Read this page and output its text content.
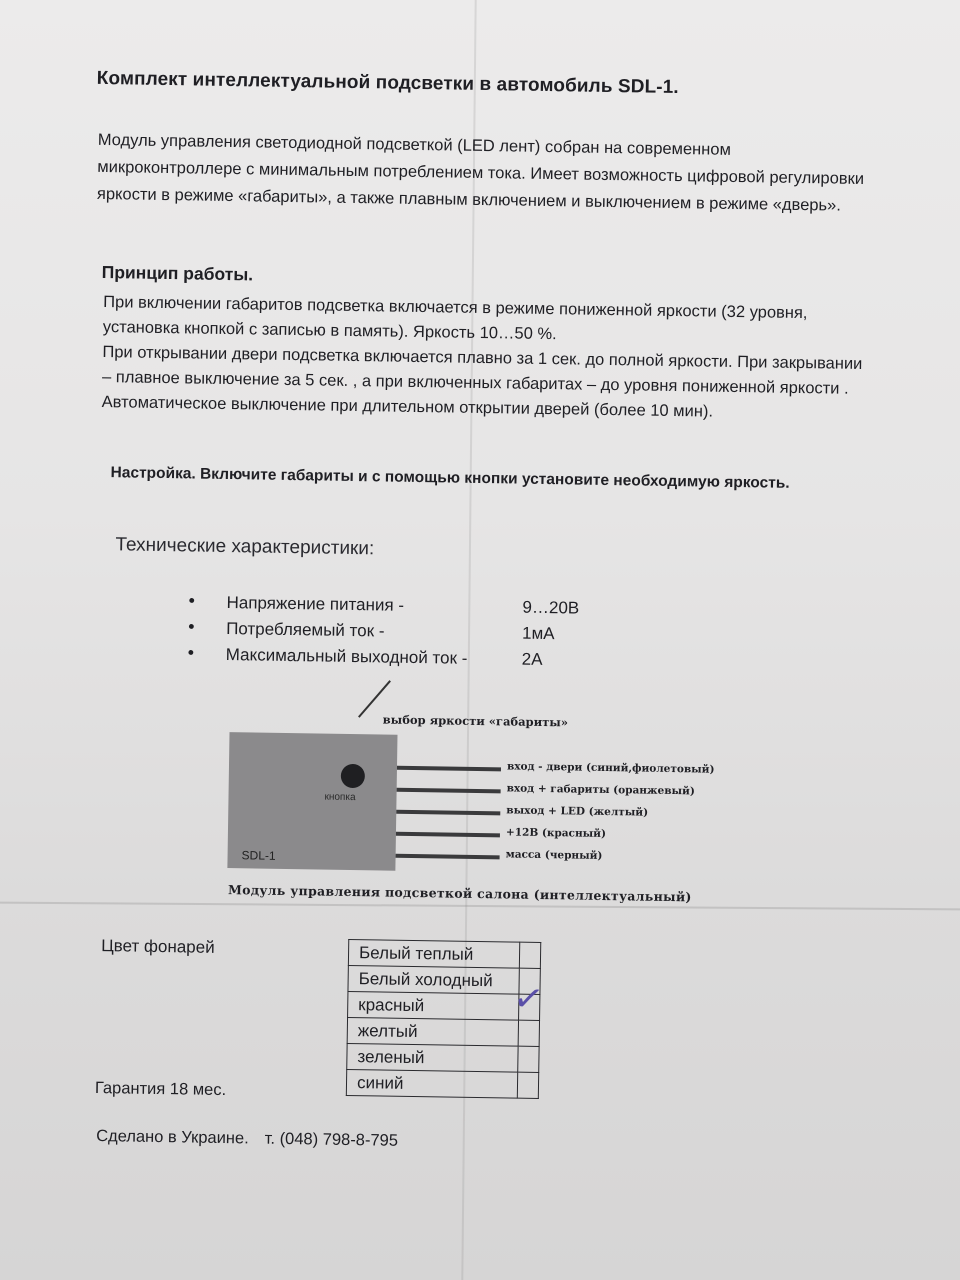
Комплект интеллектуальной подсветки в автомобиль SDL-1.
Модуль управления светодиодной подсветкой (LED лент) собран на современном микроконтроллере с минимальным потреблением тока. Имеет возможность цифровой регулировки яркости в режиме «габариты», а также плавным включением и выключением в режиме «дверь».
Принцип работы.

При включении габаритов подсветка включается в режиме пониженной яркости (32 уровня, установка кнопкой с записью в память). Яркость 10…50 %.

При открывании двери подсветка включается плавно за 1 сек. до полной яркости. При закрывании – плавное выключение за 5 сек. , а при включенных габаритах – до уровня пониженной яркости . Автоматическое выключение при длительном открытии дверей (более 10 мин).

Настройка. Включите габариты и с помощью кнопки установите необходимую яркость.
Технические характеристики:
• Напряжение питания -	9…20В
• Потребляемый ток -	1мА
• Максимальный выходной ток -	2А
выбор яркости «габариты»
кнопка
SDL-1
вход - двери (синий,фиолетовый)
вход + габариты (оранжевый)
выход + LED (желтый)
+12В (красный)
масса (черный)
Модуль управления подсветкой салона (интеллектуальный)
Цвет фонарей	Белый теплый	
Белый холодный	
красный	✓

желтый	
зеленый	
синий	
Гарантия 18 мес.
Сделано в Украине. т. (048) 798-8-795
